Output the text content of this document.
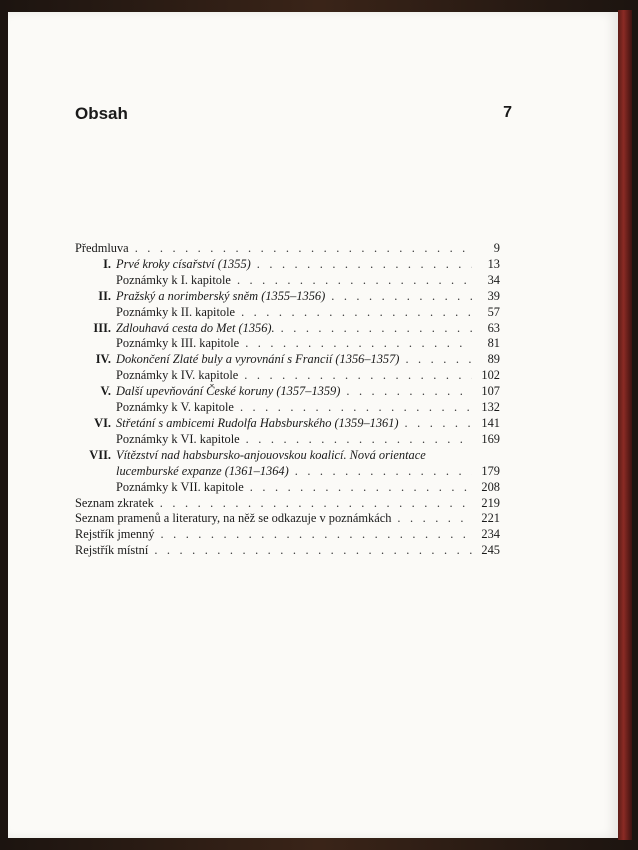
Obsah	7
Předmluva . . .	9
I. Prvé kroky císařství (1355) . . .	13
Poznámky k I. kapitole . . .	34
II. Pražský a norimberský sněm (1355–1356) . . .	39
Poznámky k II. kapitole . . .	57
III. Zdlouhavá cesta do Met (1356). . . .	63
Poznámky k III. kapitole . . .	81
IV. Dokončení Zlaté buly a vyrovnání s Francií (1356–1357) . . .	89
Poznámky k IV. kapitole . . .	102
V. Další upevňování České koruny (1357–1359) . . .	107
Poznámky k V. kapitole . . .	132
VI. Střetání s ambicemi Rudolfa Habsburského (1359–1361) . . .	141
Poznámky k VI. kapitole . . .	169
VII. Vítězství nad habsbursko-anjouovskou koalicí. Nová orientace
lucemburské expanze (1361–1364) . . .	179
Poznámky k VII. kapitole . . .	208
Seznam zkratek . . .	219
Seznam pramenů a literatury, na něž se odkazuje v poznámkách . . .	221
Rejstřík jmenný . . .	234
Rejstřík místní . . .	245
